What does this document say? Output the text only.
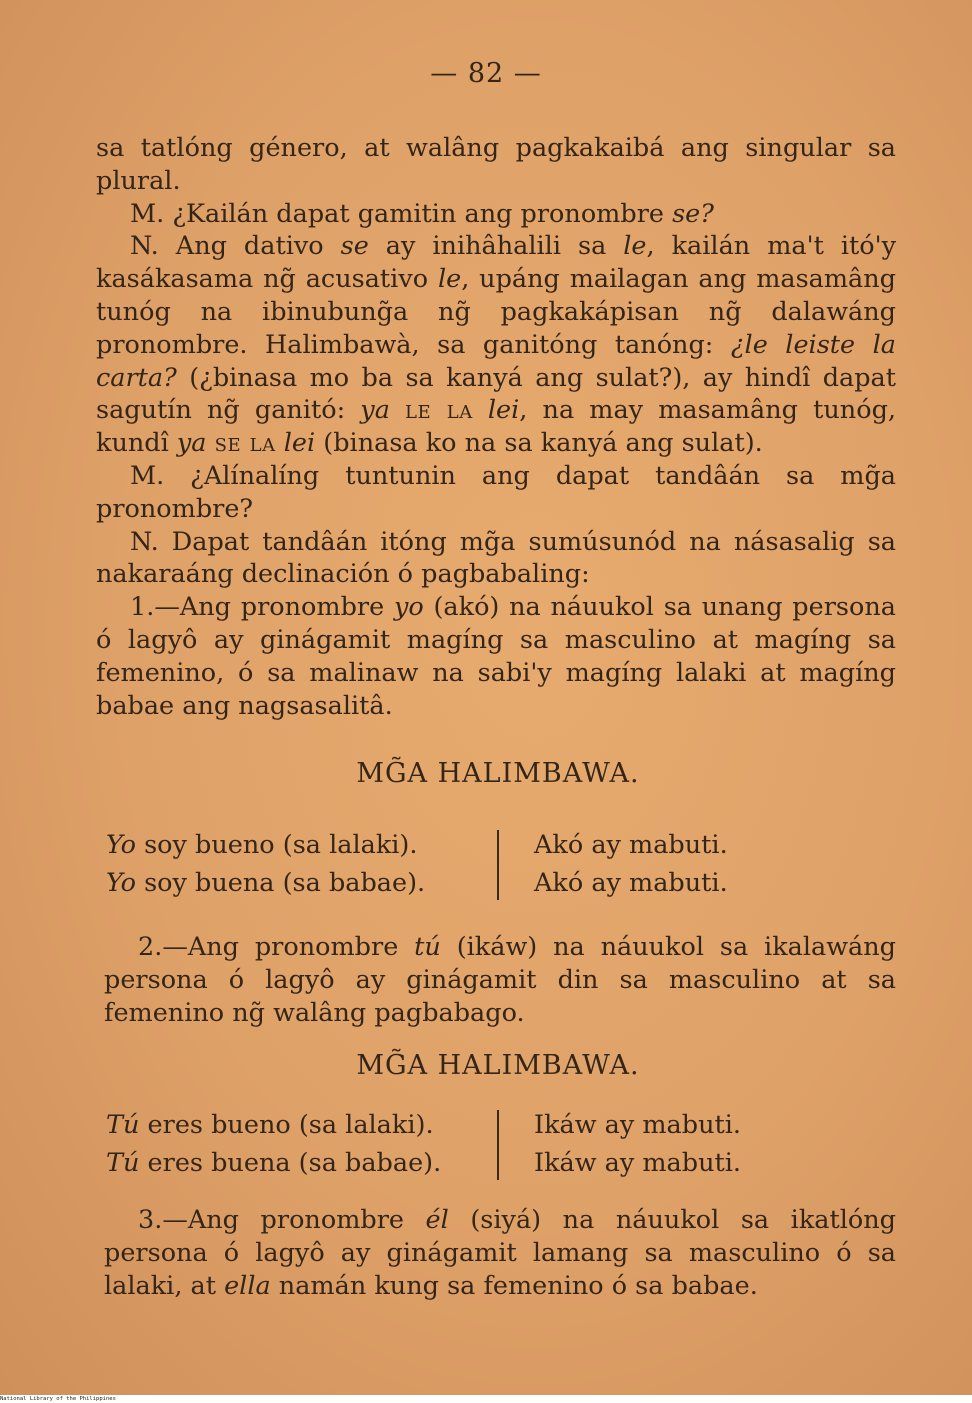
— 82 —

sa tatlóng género, at walâng pagkakaibá ang singular sa plural.

M. ¿Kailán dapat gamitin ang pronombre se?

N. Ang dativo se ay inihâhalili sa le, kailán ma't itó'y kasákasama ng̃ acusativo le, upáng mailagan ang masamâng tunóg na ibinubung̃a ng̃ pagkakápisan ng̃ dalawáng pronombre. Halimbawà, sa ganitóng tanóng: ¿le leiste la carta? (¿binasa mo ba sa kanyá ang sulat?), ay hindî dapat sagutín ng̃ ganitó: ya le la lei, na may masamâng tunóg, kundî ya se la lei (binasa ko na sa kanyá ang sulat).

M. ¿Alínalíng tuntunin ang dapat tandâán sa mg̃a pronombre?

N. Dapat tandâán itóng mg̃a sumúsunód na násasalig sa nakaraáng declinación ó pagbabaling:

1.—Ang pronombre yo (akó) na náuukol sa unang persona ó lagyô ay ginágamit magíng sa masculino at magíng sa femenino, ó sa malinaw na sabi'y magíng lalaki at magíng babae ang nagsasalitâ.

MG̃A HALIMBAWA.
Yo soy bueno (sa lalaki).
Yo soy buena (sa babae).
Akó ay mabuti.
Akó ay mabuti.

2.—Ang pronombre tú (ikáw) na náuukol sa ikalawáng persona ó lagyô ay ginágamit din sa masculino at sa femenino ng̃ walâng pagbabago.

MG̃A HALIMBAWA.
Tú eres bueno (sa lalaki).
Tú eres buena (sa babae).
Ikáw ay mabuti.
Ikáw ay mabuti.

3.—Ang pronombre él (siyá) na náuukol sa ikatlóng persona ó lagyô ay ginágamit lamang sa masculino ó sa lalaki, at ella namán kung sa femenino ó sa babae.

National Library of the Philippines
